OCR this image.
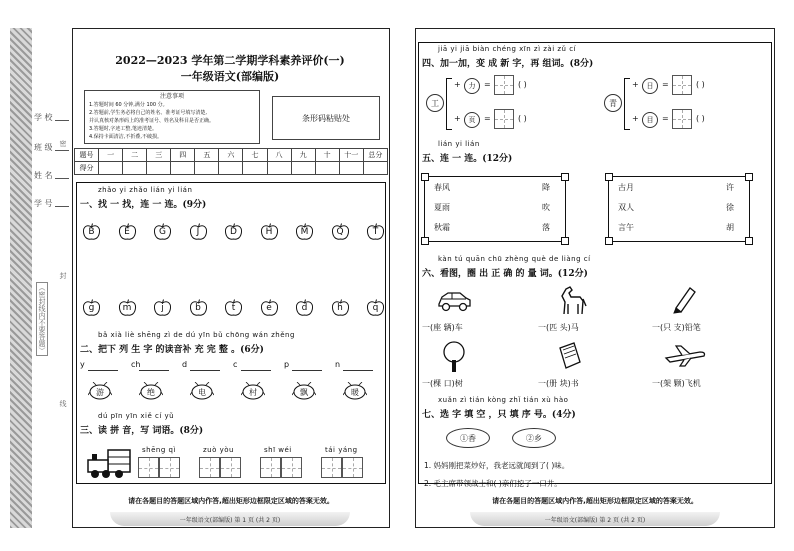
学 校
班 级
姓 名
学 号
密
封
线
（密封线内不要答题）
2022—2023 学年第二学期学科素养评价(一)
一年级语文(部编版)
注意事项
1.答题时间 60 分钟,满分 100 分。
2.答题前,学生务必将自己的姓名、准考证号填写清楚,
并认真核对条形码上的准考证号、姓名及科目是否正确。
3.答题时,字迹工整,笔迹清楚。
4.保持卡面清洁,不折叠,不破损。
条形码粘贴处
题号	一	二	三	四	五	六	七	八	九	十	十一	总分
得分												
zhǎo yi zhǎo lián yi lián
一、找 一 找，连 一 连。(9分)
B	E	G	J	D	H	M	Q	T
g	m	j	b	t	e	d	h	q
bǎ xià liè shēng zì de dú yīn bǔ chōng wán zhěng
二、把下 列 生 字 的读音补 充 完 整 。(6分)
y
游
ch
绝
d
电
c
村
p
飘
n
暖
dú pīn yīn xiě cí yǔ
三、读 拼 音，写 词语。(8分)
shēng qì	zuò yòu	shī wéi	tái yáng
请在各题目的答题区域内作答,超出矩形边框限定区域的答案无效。
一年级语文(部编版) 第 1 页 (共 2 页)
jiā yi jiā biàn chéng xīn zì zài zǔ cí
四、加一加，变 成 新 字，再 组词。(8分)
工
+	力	=	( )
+	页	=	( )
青
+	日	=	( )
+	目	=	( )
lián yi lián
五、连 一 连。(12分)
春风	降
夏雨	吹
秋霜	落
古月	许
双人	徐
言午	胡
kàn tú quān chū zhèng què de liàng cí
六、看图，圈 出 正 确 的 量 词。(12分)
一(座 辆)车	一(匹 头)马	一(只 支)铅笔
一(棵 口)树	一(册 块)书	一(架 颗)飞机
xuǎn zì tián kòng zhǐ tián xù hào
七、选 字 填 空 ，只 填 序 号。(4分)
①香	②乡
1. 妈妈刚把菜炒好，我老远就闻到了( )味。
2. 毛主席带领战士和( )亲们挖了一口井。
请在各题目的答题区域内作答,超出矩形边框限定区域的答案无效。
一年级语文(部编版) 第 2 页 (共 2 页)
